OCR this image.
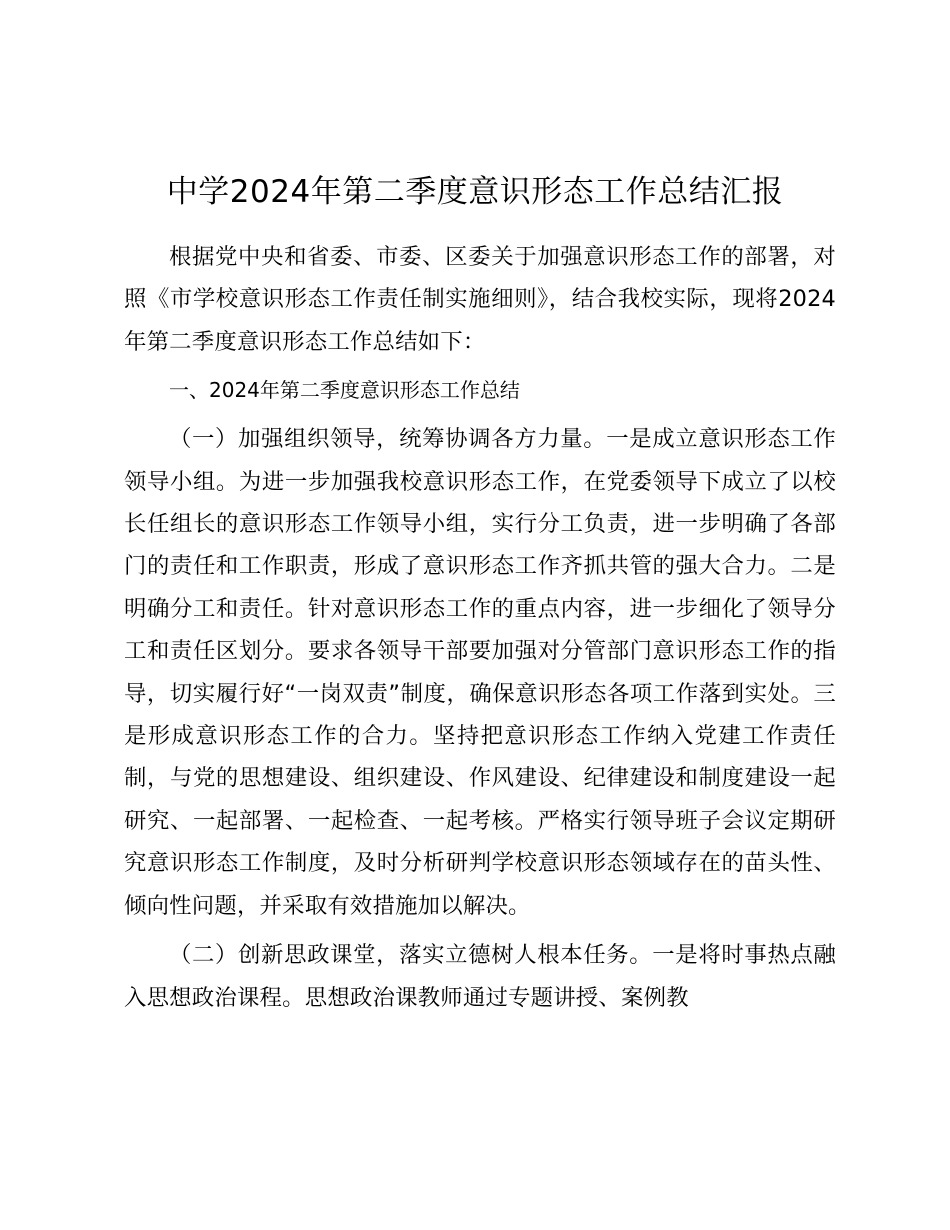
中学2024年第二季度意识形态工作总结汇报

根据党中央和省委、市委、区委关于加强意识形态工作的部署，对照《市学校意识形态工作责任制实施细则》，结合我校实际，现将2024年第二季度意识形态工作总结如下：

一、2024年第二季度意识形态工作总结

（一）加强组织领导，统筹协调各方力量。一是成立意识形态工作领导小组。为进一步加强我校意识形态工作，在党委领导下成立了以校长任组长的意识形态工作领导小组，实行分工负责，进一步明确了各部门的责任和工作职责，形成了意识形态工作齐抓共管的强大合力。二是明确分工和责任。针对意识形态工作的重点内容，进一步细化了领导分工和责任区划分。要求各领导干部要加强对分管部门意识形态工作的指导，切实履行好“一岗双责”制度，确保意识形态各项工作落到实处。三是形成意识形态工作的合力。坚持把意识形态工作纳入党建工作责任制，与党的思想建设、组织建设、作风建设、纪律建设和制度建设一起研究、一起部署、一起检查、一起考核。严格实行领导班子会议定期研究意识形态工作制度，及时分析研判学校意识形态领域存在的苗头性、倾向性问题，并采取有效措施加以解决。

（二）创新思政课堂，落实立德树人根本任务。一是将时事热点融入思想政治课程。思想政治课教师通过专题讲授、案例教
